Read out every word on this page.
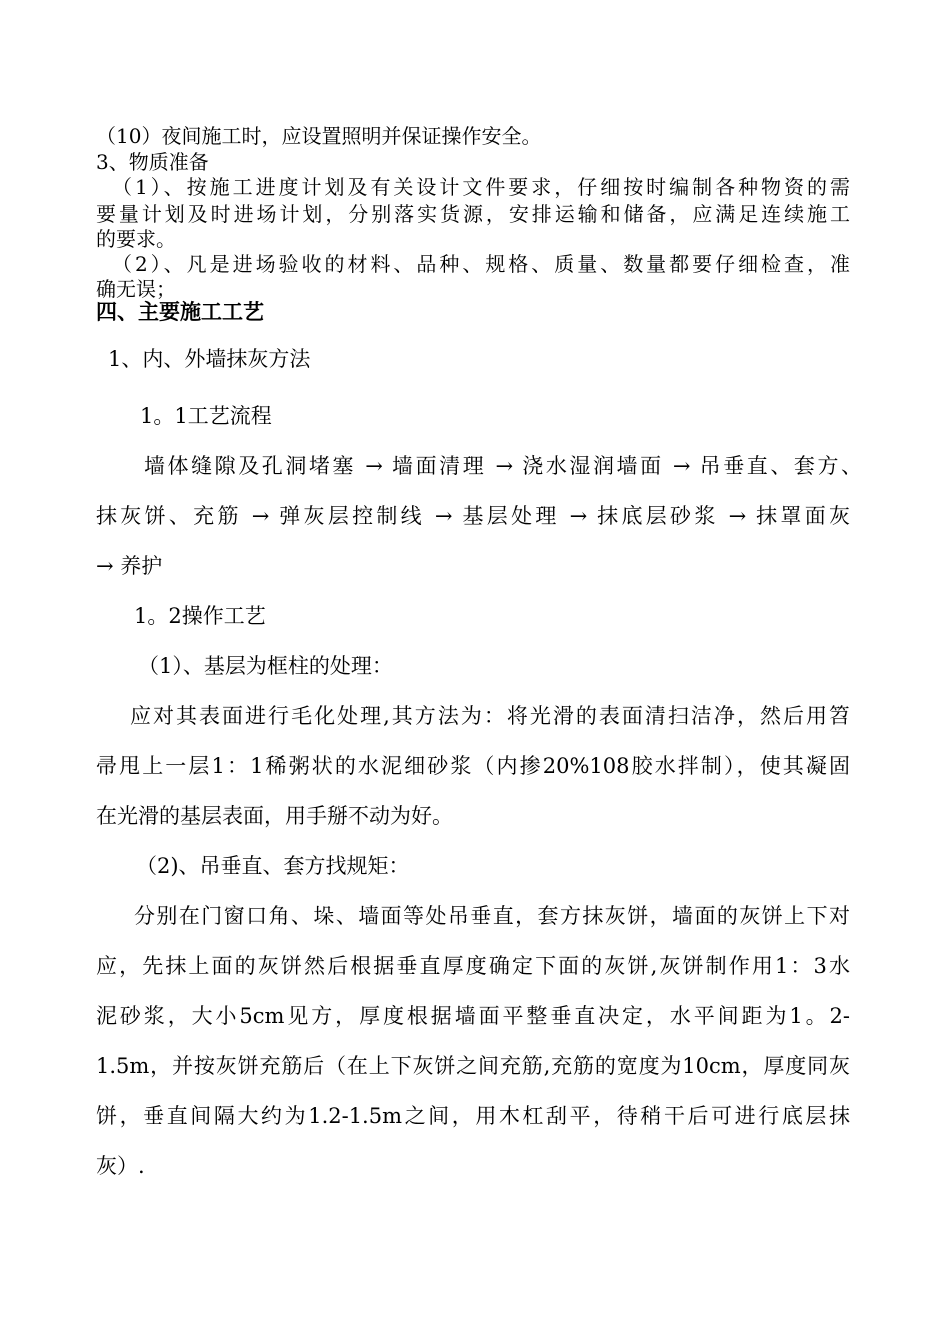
（10）夜间施工时，应设置照明并保证操作安全。
3、物质准备
（1）、按施工进度计划及有关设计文件要求，仔细按时编制各种物资的需
要量计划及时进场计划，分别落实货源，安排运输和储备，应满足连续施工
的要求。
（2）、凡是进场验收的材料、品种、规格、质量、数量都要仔细检查，准
确无误；
四、主要施工工艺
1、内、外墙抹灰方法
1。1工艺流程
墙体缝隙及孔洞堵塞 → 墙面清理 → 浇水湿润墙面 → 吊垂直、套方、
抹灰饼、充筋 → 弹灰层控制线 → 基层处理 → 抹底层砂浆 → 抹罩面灰
→ 养护
1。2操作工艺
（1）、基层为框柱的处理：
应对其表面进行毛化处理,其方法为：将光滑的表面清扫洁净，然后用笤
帚甩上一层1：1稀粥状的水泥细砂浆（内掺20%108胶水拌制），使其凝固
在光滑的基层表面，用手掰不动为好。
（2)、吊垂直、套方找规矩：
分别在门窗口角、垛、墙面等处吊垂直，套方抹灰饼，墙面的灰饼上下对
应，先抹上面的灰饼然后根据垂直厚度确定下面的灰饼,灰饼制作用1：3水
泥砂浆，大小5cm见方，厚度根据墙面平整垂直决定，水平间距为1。2-
1.5m，并按灰饼充筋后（在上下灰饼之间充筋,充筋的宽度为10cm，厚度同灰
饼，垂直间隔大约为1.2-1.5m之间，用木杠刮平，待稍干后可进行底层抹
灰）.
